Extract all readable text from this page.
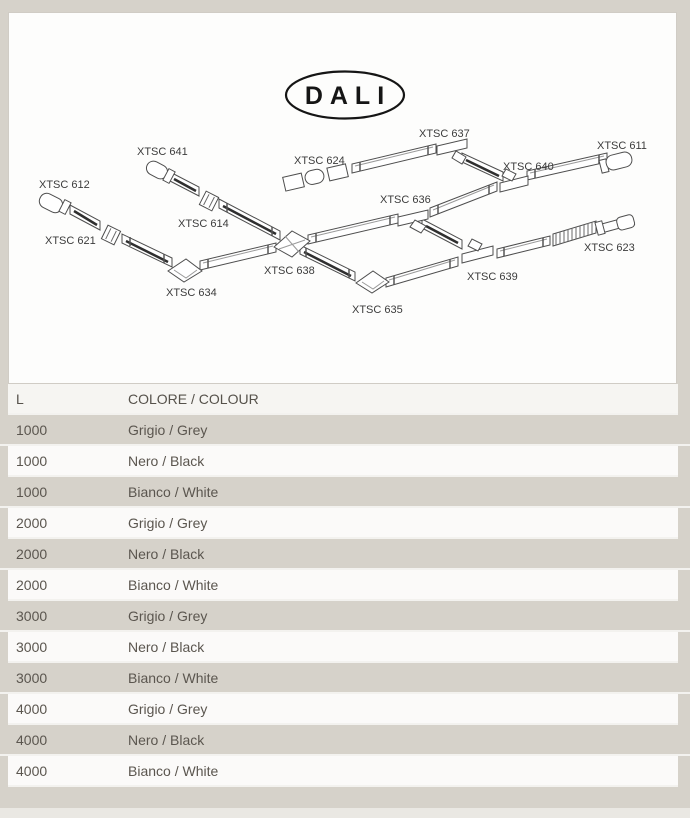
DALI
XTSC 612
XTSC 641
XTSC 621
XTSC 614
XTSC 634
XTSC 624
XTSC 638
XTSC 635
XTSC 637
XTSC 636
XTSC 639
XTSC 640
XTSC 611
XTSC 623
L	COLORE / COLOUR
1000	Grigio / Grey
1000	Nero / Black
1000	Bianco / White
2000	Grigio / Grey
2000	Nero / Black
2000	Bianco / White
3000	Grigio / Grey
3000	Nero / Black
3000	Bianco / White
4000	Grigio / Grey
4000	Nero / Black
4000	Bianco / White
